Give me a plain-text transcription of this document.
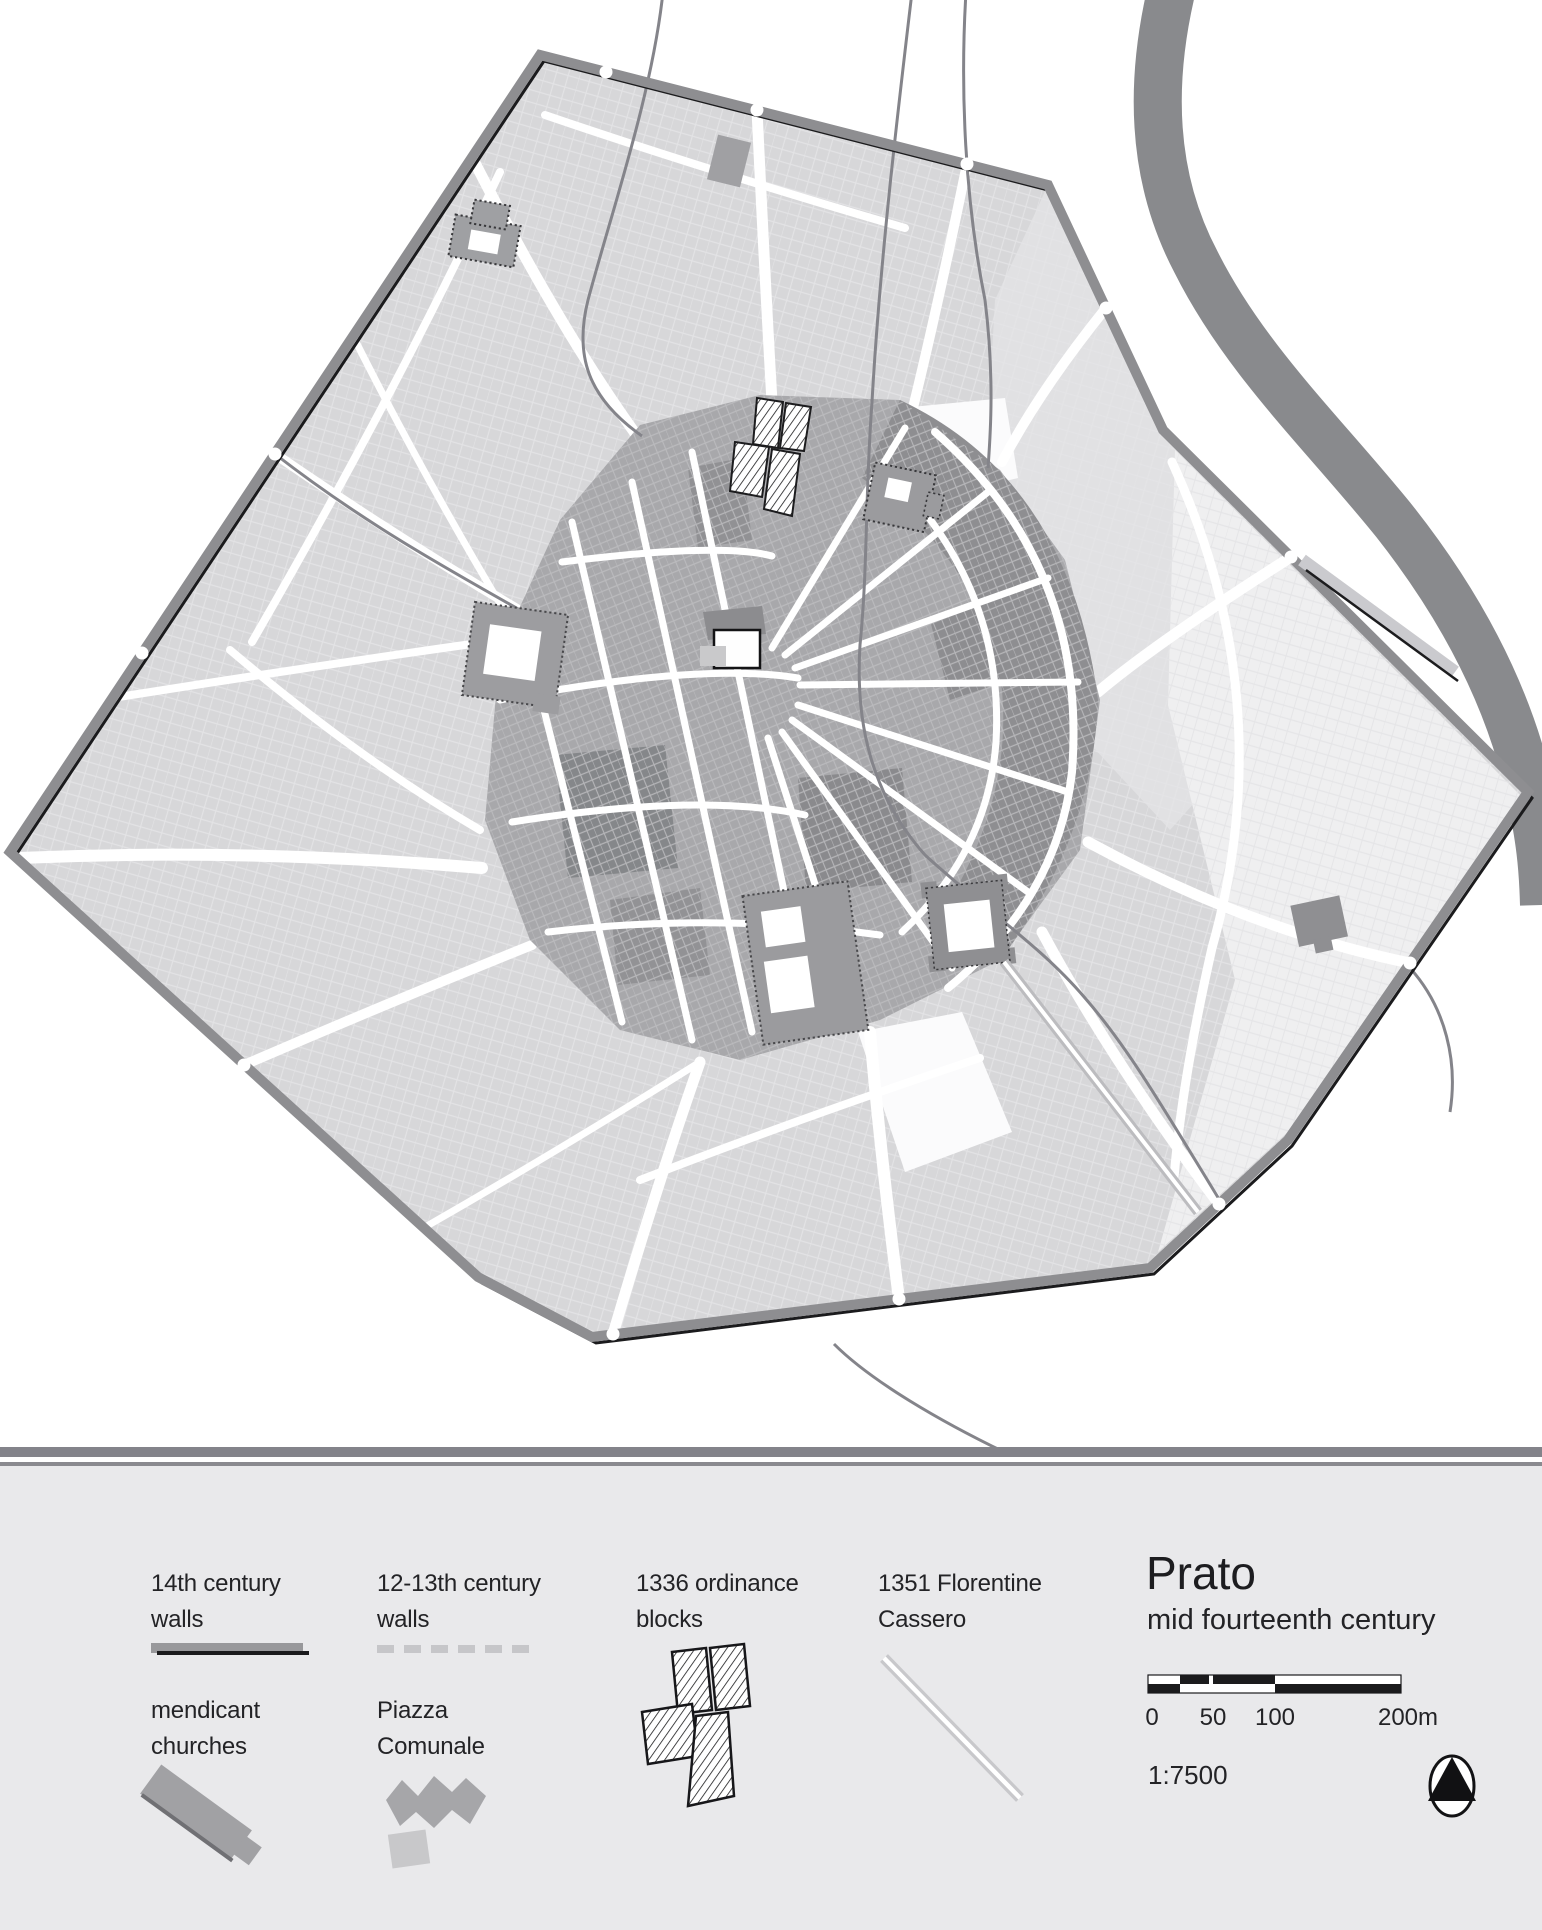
14th century
walls
12-13th century
walls
1336 ordinance
blocks
1351 Florentine
Cassero
mendicant
churches
Piazza
Comunale
Prato
mid fourteenth century
0 50 100	200m
1:7500
